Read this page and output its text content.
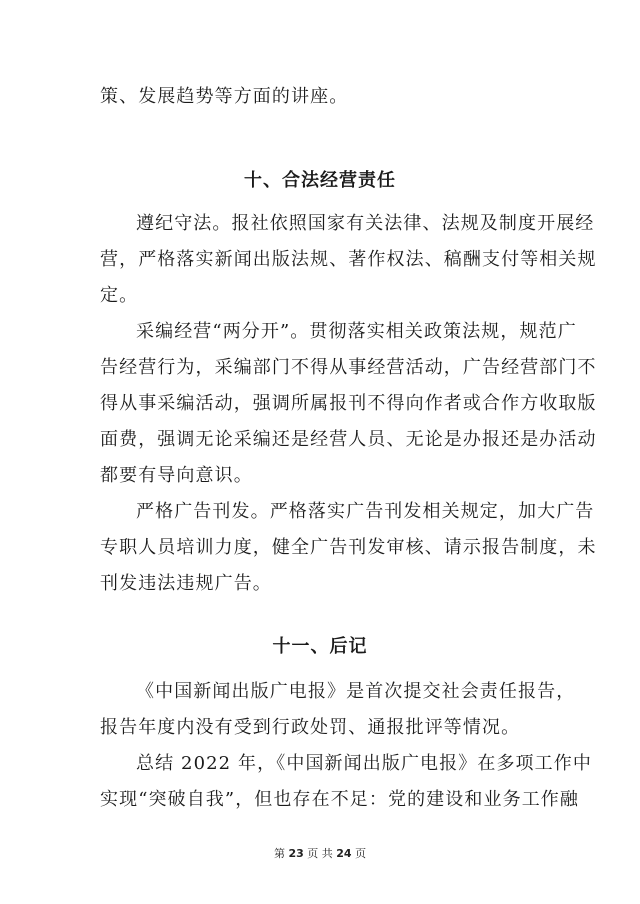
策、发展趋势等方面的讲座。
十、合法经营责任
遵纪守法。报社依照国家有关法律、法规及制度开展经
营，严格落实新闻出版法规、著作权法、稿酬支付等相关规
定。
采编经营“两分开”。贯彻落实相关政策法规，规范广
告经营行为，采编部门不得从事经营活动，广告经营部门不
得从事采编活动，强调所属报刊不得向作者或合作方收取版
面费，强调无论采编还是经营人员、无论是办报还是办活动
都要有导向意识。
严格广告刊发。严格落实广告刊发相关规定，加大广告
专职人员培训力度，健全广告刊发审核、请示报告制度，未
刊发违法违规广告。
十一、后记
《中国新闻出版广电报》是首次提交社会责任报告，
报告年度内没有受到行政处罚、通报批评等情况。
总结 2022 年，《中国新闻出版广电报》在多项工作中
实现“突破自我”，但也存在不足：党的建设和业务工作融
第 23 页 共 24 页
